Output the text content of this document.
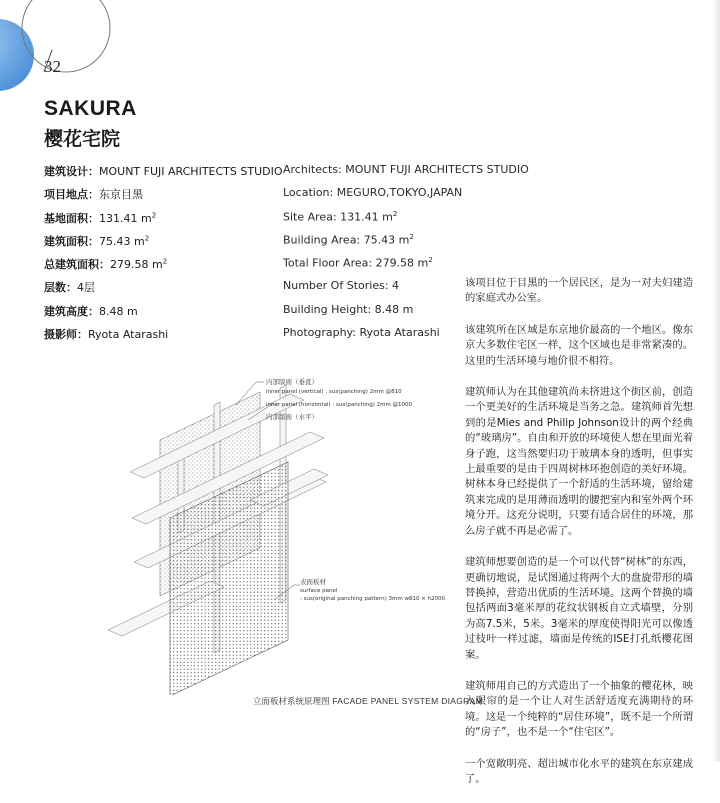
32
SAKURA
樱花宅院
建筑设计：MOUNT FUJI ARCHITECTS STUDIO
项目地点：东京目黑
基地面积：131.41 $m^2$
建筑面积：75.43 $m^2$
总建筑面积：279.58 $m^2$
层数：4层
建筑高度：8.48 m
摄影师：Ryota Atarashi
Architects: MOUNT FUJI ARCHITECTS STUDIO
Location: MEGURO,TOKYO,JAPAN
Site Area: 131.41 $m^2$
Building Area: 75.43 $m^2$
Total Floor Area: 279.58 $m^2$
Number Of Stories: 4
Building Height: 8.48 m
Photography: Ryota Atarashi

该项目位于目黑的一个居民区，是为一对夫妇建造的家庭式办公室。

该建筑所在区域是东京地价最高的一个地区。像东京大多数住宅区一样，这个区域也是非常紧凑的。这里的生活环境与地价很不相符。

建筑师认为在其他建筑尚未挤进这个街区前，创造一个更美好的生活环境是当务之急。建筑师首先想到的是Mies and Philip Johnson设计的两个经典的“玻璃房”。自由和开放的环境使人想在里面光着身子跑，这当然要归功于玻璃本身的透明，但事实上最重要的是由于四周树林环抱创造的美好环境。树林本身已经提供了一个舒适的生活环境，留给建筑来完成的是用薄而透明的腰把室内和室外两个环境分开。这充分说明，只要有适合居住的环境，那么房子就不再是必需了。

建筑师想要创造的是一个可以代替“树林”的东西，更确切地说，是试图通过将两个大的盘旋带形的墙替换掉，营造出优质的生活环境。这两个替换的墙包括两面3毫米厚的花纹状钢板自立式墙壁，分别为高7.5米，5米。3毫米的厚度使得阳光可以像透过枝叶一样过滤，墙面是传统的ISE打孔纸樱花图案。

建筑师用自己的方式造出了一个抽象的樱花林，映入眼帘的是一个让人对生活舒适度充满期待的环境。这是一个纯粹的“居住环境”，既不是一个所谓的“房子”，也不是一个“住宅区”。

一个宽敞明亮、超出城市化水平的建筑在东京建成了。

内部版面（垂直）
inner panel (vertical) : sus(panching) 2mm @810
inner panel (horizontal) : sus(panching) 2mm @1000
内部版面（水平）
表面板材
surface panel
: sus(original panching pattern) 3mm w810 × h2000
立面板材系统原理图 FACADE PANEL SYSTEM DIAGRAM
